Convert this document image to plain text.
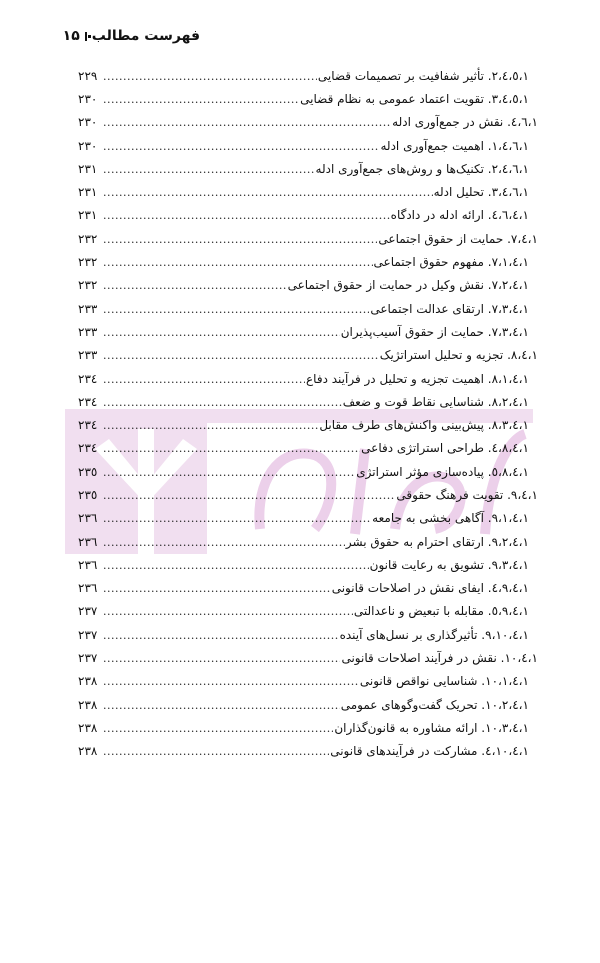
فهرست مطالب
۱۵
۱،٤،٥،۲. تأثیر شفافیت بر تصمیمات قضایی
.....
۲۲۹
۱،٤،٥،۳. تقویت اعتماد عمومی به نظام قضایی
.....
۲۳۰
۱،٤،٦. نقش در جمع‌آوری ادله
.....
۲۳۰
۱،٤،٦،۱. اهمیت جمع‌آوری ادله
.....
۲۳۰
۱،٤،٦،۲. تکنیک‌ها و روش‌های جمع‌آوری ادله
.....
۲۳۱
۱،٤،٦،۳. تحلیل ادله
.....
۲۳۱
۱،٤،٦،٤. ارائه ادله در دادگاه
.....
۲۳۱
۱،٤،۷. حمایت از حقوق اجتماعی
.....
۲۳۲
۱،٤،۷،۱. مفهوم حقوق اجتماعی
.....
۲۳۲
۱،٤،۷،۲. نقش وکیل در حمایت از حقوق اجتماعی
.....
۲۳۲
۱،٤،۷،۳. ارتقای عدالت اجتماعی
.....
۲۳۳
۱،٤،۷،۳. حمایت از حقوق آسیب‌پذیران
.....
۲۳۳
۱،٤،۸. تجزیه و تحلیل استراتژیک
.....
۲۳۳
۱،٤،۸،۱. اهمیت تجزیه و تحلیل در فرآیند دفاع
.....
۲۳٤
۱،٤،۸،۲. شناسایی نقاط قوت و ضعف
.....
۲۳٤
۱،٤،۸،۳. پیش‌بینی واکنش‌های طرف مقابل
.....
۲۳٤
۱،٤،۸،٤. طراحی استراتژی دفاعی
.....
۲۳٤
۱،٤،۸،٥. پیاده‌سازی مؤثر استراتژی
.....
۲۳٥
۱،٤،۹. تقویت فرهنگ حقوقی
.....
۲۳٥
۱،٤،۹،۱. آگاهی بخشی به جامعه
.....
۲۳٦
۱،٤،۹،۲. ارتقای احترام به حقوق بشر
.....
۲۳٦
۱،٤،۹،۳. تشویق به رعایت قانون
.....
۲۳٦
۱،٤،۹،٤. ایفای نقش در اصلاحات قانونی
.....
۲۳٦
۱،٤،۹،٥. مقابله با تبعیض و ناعدالتی
.....
۲۳۷
۱،٤،۹،۱۰. تأثیرگذاری بر نسل‌های آینده
.....
۲۳۷
۱،٤،۱۰. نقش در فرآیند اصلاحات قانونی
.....
۲۳۷
۱،٤،۱۰،۱. شناسایی نواقص قانونی
.....
۲۳۸
۱،٤،۱۰،۲. تحریک گفت‌وگوهای عمومی
.....
۲۳۸
۱،٤،۱۰،۳. ارائه مشاوره به قانون‌گذاران
.....
۲۳۸
۱،٤،۱۰،٤. مشارکت در فرآیندهای قانونی
.....
۲۳۸
